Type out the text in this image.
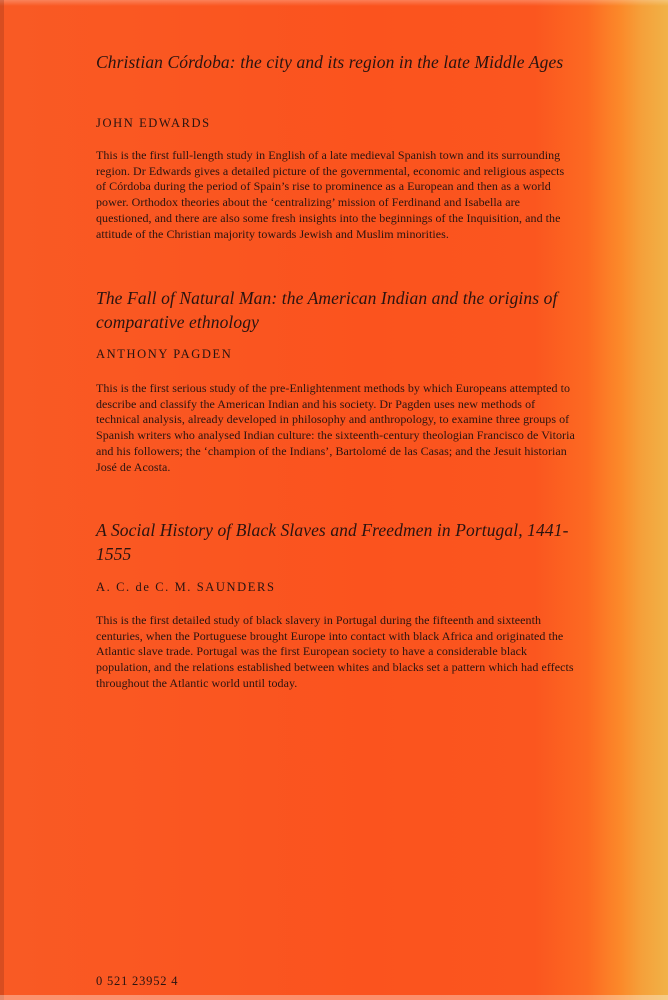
Christian Córdoba: the city and its region in the late Middle Ages
JOHN EDWARDS
This is the first full-length study in English of a late medieval Spanish town and its surrounding region. Dr Edwards gives a detailed picture of the governmental, economic and religious aspects of Córdoba during the period of Spain’s rise to prominence as a European and then as a world power. Orthodox theories about the ‘centralizing’ mission of Ferdinand and Isabella are questioned, and there are also some fresh insights into the beginnings of the Inquisition, and the attitude of the Christian majority towards Jewish and Muslim minorities.
The Fall of Natural Man: the American Indian and the origins of comparative ethnology
ANTHONY PAGDEN
This is the first serious study of the pre-Enlightenment methods by which Europeans attempted to describe and classify the American Indian and his society. Dr Pagden uses new methods of technical analysis, already developed in philosophy and anthropology, to examine three groups of Spanish writers who analysed Indian culture: the sixteenth-century theologian Francisco de Vitoria and his followers; the ‘champion of the Indians’, Bartolomé de las Casas; and the Jesuit historian José de Acosta.
A Social History of Black Slaves and Freedmen in Portugal, 1441-1555
A. C. de C. M. SAUNDERS
This is the first detailed study of black slavery in Portugal during the fifteenth and sixteenth centuries, when the Portuguese brought Europe into contact with black Africa and originated the Atlantic slave trade. Portugal was the first European society to have a considerable black population, and the relations established between whites and blacks set a pattern which had effects throughout the Atlantic world until today.
0 521 23952 4
